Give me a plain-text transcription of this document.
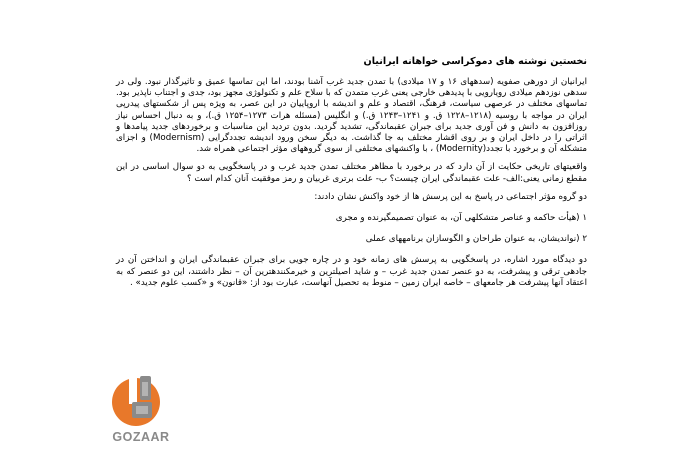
نخستین نوشته های دموکراسی خواهانه ایرانیان

ایرانیان از دورهی صفویه (سدههای ۱۶ و ۱۷ میلادی) با تمدن جدید غرب آشنا بودند، اما این تماسها عمیق و تاثیرگذار نبود. ولی در سدهی نوزدهم میلادی رویارویی با پدیدهی خارجی یعنی غرب متمدن که با سلاح علم و تکنولوژی مجهز بود، جدی و اجتناب ناپذیر بود. تماسهای مختلف در عرصهی سیاست، فرهنگ، اقتصاد و علم و اندیشه با اروپاییان در این عصر، به ویژه پس از شکستهای پیدرپی ایران در مواجه با روسیه (۱۲۱۸–۱۲۲۸ ق. و ۱۲۴۱–۱۲۴۳ ق.) و انگلیس (مسئله هرات ۱۲۷۳–۱۲۵۴ ق.)، و به دنبال احساس نیاز روزافزون به دانش و فن آوری جدید برای جبران عقبماندگی، تشدید گردید. بدون تردید این مناسبات و برخوردهای جدید پیامدها و اثراتی را در داخل ایران و بر روی اقشار مختلف به جا گذاشت. به دیگر سخن ورود اندیشه تجددگرایی (Modernism) و اجزای متشکله آن و برخورد با تجدد(Modernity) ، با واکنشهای مختلفی از سوی گروههای مؤثر اجتماعی همراه شد.

واقعیتهای تاریخی حکایت از آن دارد که در برخورد با مظاهر مختلف تمدن جدید غرب و در پاسخگویی به دو سوال اساسی در این مقطع زمانی یعنی:الف- علت عقبماندگی ایران چیست؟ ب- علت برتری غربیان و رمز موفقیت آنان کدام است ؟

دو گروه مؤثر اجتماعی در پاسخ به این پرسش ها از خود واکنش نشان دادند:

۱ (هیأت حاکمه و عناصر متشکلهی آن، به عنوان تصمیمگیرنده و مجری

۲ (نواندیشان، به عنوان طراحان و الگوسازان برنامههای عملی

دو دیدگاه مورد اشاره، در پاسخگویی به پرسش های زمانه خود و در چاره جویی برای جبران عقبماندگی ایران و انداختن آن در جادهی ترقی و پیشرفت، به دو عنصر تمدن جدید غرب – و شاید اصیلترین و خیرمکنندهترین آن – نظر داشتند، این دو عنصر که به اعتقاد آنها پیشرفت هر جامعهای – خاصه ایران زمین – منوط به تحصیل آنهاست، عبارت بود از: «قانون» و «کسب علوم جدید» .

GOZAAR
